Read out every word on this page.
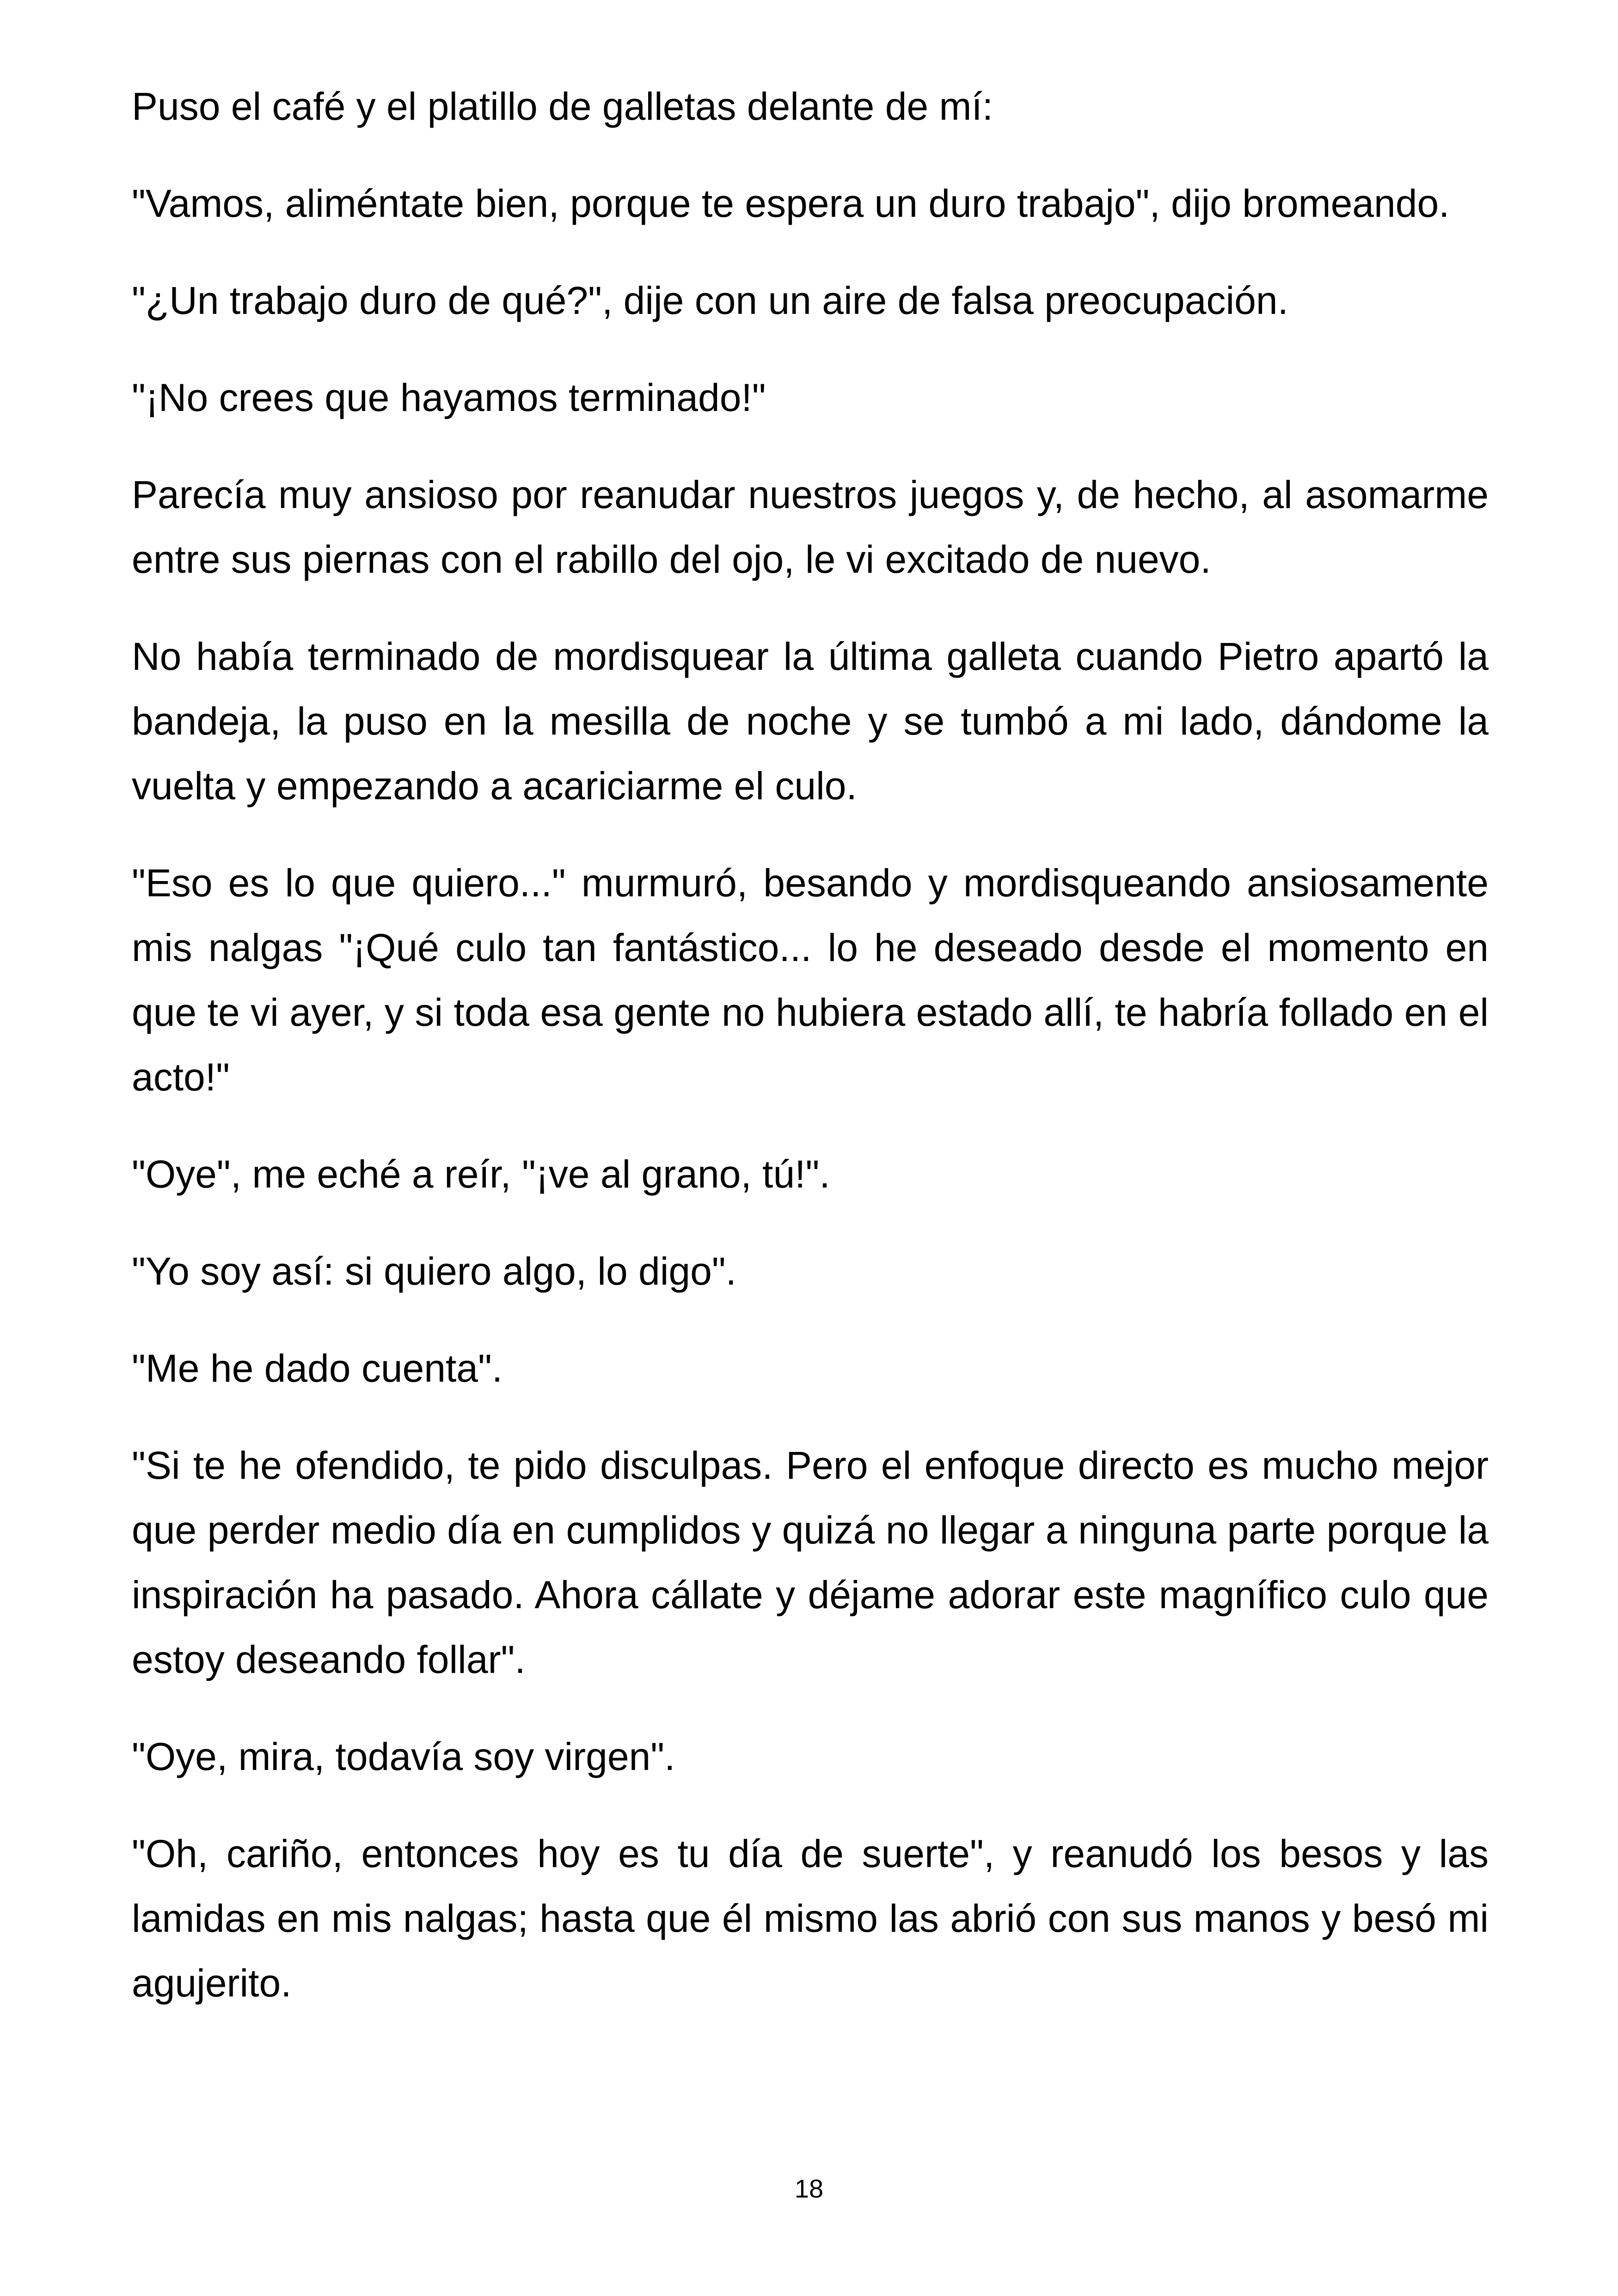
Puso el café y el platillo de galletas delante de mí:

"Vamos, aliméntate bien, porque te espera un duro trabajo", dijo bromeando.

"¿Un trabajo duro de qué?", dije con un aire de falsa preocupación.

"¡No crees que hayamos terminado!"

Parecía muy ansioso por reanudar nuestros juegos y, de hecho, al asomarme entre sus piernas con el rabillo del ojo, le vi excitado de nuevo.

No había terminado de mordisquear la última galleta cuando Pietro apartó la bandeja, la puso en la mesilla de noche y se tumbó a mi lado, dándome la vuelta y empezando a acariciarme el culo.

"Eso es lo que quiero..." murmuró, besando y mordisqueando ansiosamente mis nalgas "¡Qué culo tan fantástico... lo he deseado desde el momento en que te vi ayer, y si toda esa gente no hubiera estado allí, te habría follado en el acto!"

"Oye", me eché a reír, "¡ve al grano, tú!".

"Yo soy así: si quiero algo, lo digo".

"Me he dado cuenta".

"Si te he ofendido, te pido disculpas. Pero el enfoque directo es mucho mejor que perder medio día en cumplidos y quizá no llegar a ninguna parte porque la inspiración ha pasado. Ahora cállate y déjame adorar este magnífico culo que estoy deseando follar".

"Oye, mira, todavía soy virgen".

"Oh, cariño, entonces hoy es tu día de suerte", y reanudó los besos y las lamidas en mis nalgas; hasta que él mismo las abrió con sus manos y besó mi agujerito.

18
